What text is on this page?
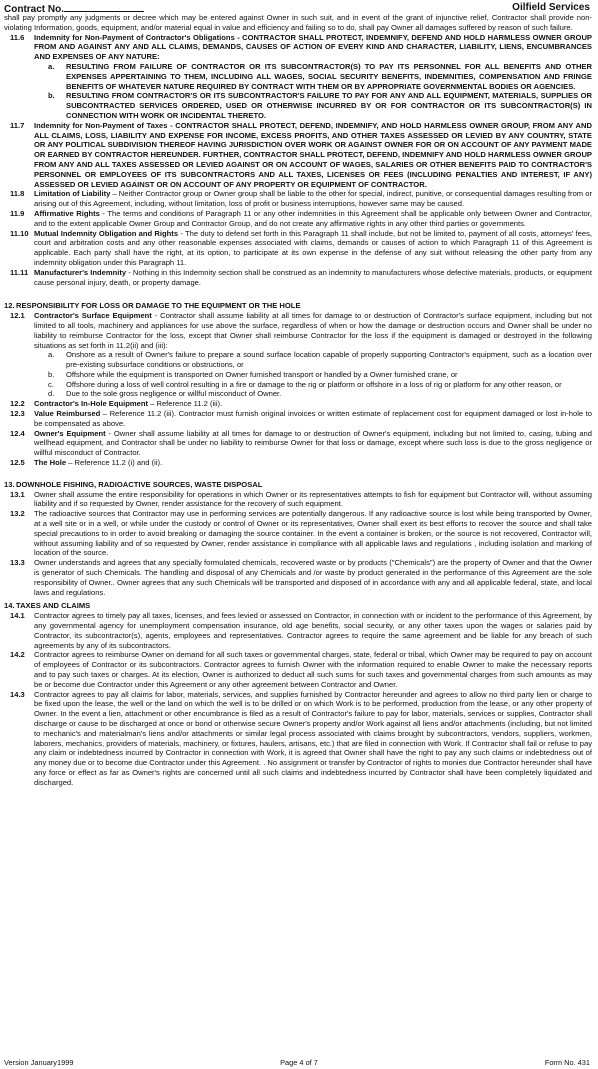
Contract No.	Oilfield Services

shall pay promptly any judgments or decree which may be entered against Owner in such suit, and in event of the grant of injunctive relief, Contractor shall provide non-violating Information, goods, equipment, and/or material equal in value and efficiency and failing so to do, shall pay Owner all damages suffered by reason of such failure.

11.6	Indemnity for Non-Payment of Contractor's Obligations - CONTRACTOR SHALL PROTECT, INDEMNIFY, DEFEND AND HOLD HARMLESS OWNER GROUP FROM AND AGAINST ANY AND ALL CLAIMS, DEMANDS, CAUSES OF ACTION OF EVERY KIND AND CHARACTER, LIABILITY, LIENS, ENCUMBRANCES AND EXPENSES OF ANY NATURE:
a.	RESULTING FROM FAILURE OF CONTRACTOR OR ITS SUBCONTRACTOR(S) TO PAY ITS PERSONNEL FOR ALL BENEFITS AND OTHER EXPENSES APPERTAINING TO THEM, INCLUDING ALL WAGES, SOCIAL SECURITY BENEFITS, INDEMNITIES, COMPENSATION AND FRINGE BENEFITS OF WHATEVER NATURE REQUIRED BY CONTRACT WITH THEM OR BY APPROPRIATE GOVERNMENTAL BODIES OR AGENCIES.
b.	RESULTING FROM CONTRACTOR'S OR ITS SUBCONTRACTOR'S FAILURE TO PAY FOR ANY AND ALL EQUIPMENT, MATERIALS, SUPPLIES OR SUBCONTRACTED SERVICES ORDERED, USED OR OTHERWISE INCURRED BY OR FOR CONTRACTOR OR ITS SUBCONTRACTOR(S) IN CONNECTION WITH WORK OR INCIDENTAL THERETO.
11.7	Indemnity for Non-Payment of Taxes - CONTRACTOR SHALL PROTECT, DEFEND, INDEMNIFY, AND HOLD HARMLESS OWNER GROUP, FROM ANY AND ALL CLAIMS, LOSS, LIABILITY AND EXPENSE FOR INCOME, EXCESS PROFITS, AND OTHER TAXES ASSESSED OR LEVIED BY ANY COUNTRY, STATE OR ANY POLITICAL SUBDIVISION THEREOF HAVING JURISDICTION OVER WORK OR AGAINST OWNER FOR OR ON ACCOUNT OF ANY PAYMENT MADE OR EARNED BY CONTRACTOR HEREUNDER. FURTHER, CONTRACTOR SHALL PROTECT, DEFEND, INDEMNIFY AND HOLD HARMLESS OWNER GROUP FROM ANY AND ALL TAXES ASSESSED OR LEVIED AGAINST OR ON ACCOUNT OF WAGES, SALARIES OR OTHER BENEFITS PAID TO CONTRACTOR'S PERSONNEL OR EMPLOYEES OF ITS SUBCONTRACTORS AND ALL TAXES, LICENSES OR FEES (INCLUDING PENALTIES AND INTEREST, IF ANY) ASSESSED OR LEVIED AGAINST OR ON ACCOUNT OF ANY PROPERTY OR EQUIPMENT OF CONTRACTOR.
11.8	Limitation of Liability – Neither Contractor group or Owner group shall be liable to the other for special, indirect, punitive, or consequential damages resulting from or arising out of this Agreement, including, without limitation, loss of profit or business interruptions, however same may be caused.
11.9	Affirmative Rights - The terms and conditions of Paragraph 11 or any other indemnities in this Agreement shall be applicable only between Owner and Contractor, and to the extent applicable Owner Group and Contractor Group, and do not create any affirmative rights in any other third parties or governments.
11.10 Mutual Indemnity Obligation and Rights - The duty to defend set forth in this Paragraph 11 shall include, but not be limited to, payment of all costs, attorneys' fees, court and arbitration costs and any other reasonable expenses associated with claims, demands or causes of action to which Paragraph 11 of this Agreement is applicable. Each party shall have the right, at its option, to participate at its own expense in the defense of any suit without releasing the other party from any indemnity obligation under this Paragraph 11.
11.11 Manufacturer's Indemnity - Nothing in this Indemnity section shall be construed as an indemnity to manufacturers whose defective materials, products, or equipment cause personal injury, death, or property damage.
12. RESPONSIBILITY FOR LOSS OR DAMAGE TO THE EQUIPMENT OR THE HOLE
12.1	Contractor's Surface Equipment - Contractor shall assume liability at all times for damage to or destruction of Contractor's surface equipment, including but not limited to all tools, machinery and appliances for use above the surface, regardless of when or how the damage or destruction occurs and Owner shall be under no liability to reimburse Contractor for the loss, except that Owner shall reimburse Contractor for the loss if the equipment is damaged or destroyed in the following situations as set forth in 11.2(ii) and (iii):
a.	Onshore as a result of Owner's failure to prepare a sound surface location capable of properly supporting Contractor's equipment, such as a location over pre-existing subsurface conditions or obstructions, or
b.	Offshore while the equipment is transported on Owner furnished transport or handled by a Owner furnished crane, or
c.	Offshore during a loss of well control resulting in a fire or damage to the rig or platform or offshore in a loss of rig or platform for any other reason, or
d.	Due to the sole gross negligence or willful misconduct of Owner.
12.2	Contractor's In-Hole Equipment – Reference 11.2 (iii).
12.3	Value Reimbursed – Reference 11.2 (iii). Contractor must furnish original invoices or written estimate of replacement cost for equipment damaged or lost in-hole to be compensated as above.
12.4	Owner's Equipment - Owner shall assume liability at all times for damage to or destruction of Owner's equipment, including but not limited to, casing, tubing and wellhead equipment, and Contractor shall be under no liability to reimburse Owner for that loss or damage, except where such loss is due to the gross negligence or willful misconduct of Contractor.
12.5	The Hole – Reference 11.2 (i) and (ii).
13. DOWNHOLE FISHING, RADIOACTIVE SOURCES, WASTE DISPOSAL
13.1	Owner shall assume the entire responsibility for operations in which Owner or its representatives attempts to fish for equipment but Contractor will, without assuming liability and if so requested by Owner, render assistance for the recovery of such equipment.
13.2	The radioactive sources that Contractor may use in performing services are potentially dangerous. If any radioactive source is lost while being transported by Owner, at a well site or in a well, or while under the custody or control of Owner or its representatives, Owner shall exert its best efforts to recover the source and shall take special precautions to in order to avoid breaking or damaging the source container. In the event a container is broken, or the source is not recovered, Contractor will, without assuming liability and of so requested by Owner, render assistance in compliance with all applicable laws and regulations , including isolation and marking of location of the source.
13.3	Owner understands and agrees that any specially formulated chemicals, recovered waste or by products ("Chemicals") are the property of Owner and that the Owner is generator of such Chemicals. The handling and disposal of any Chemicals and /or waste by product generated in the performance of this Agreement are the sole responsibility of Owner.. Owner agrees that any such Chemicals will be transported and disposed of in accordance with any and all applicable federal, state, and local laws and regulations.
14. TAXES AND CLAIMS
14.1	Contractor agrees to timely pay all taxes, licenses, and fees levied or assessed on Contractor, in connection with or incident to the performance of this Agreement, by any governmental agency for unemployment compensation insurance, old age benefits, social security, or any other taxes upon the wages or salaries paid by Contractor, its subcontractor(s), agents, employees and representatives. Contractor agrees to require the same agreement and be liable for any breach of such agreements by any of its subcontractors.
14.2	Contractor agrees to reimburse Owner on demand for all such taxes or governmental charges, state, federal or tribal, which Owner may be required to pay on account of employees of Contractor or its subcontractors. Contractor agrees to furnish Owner with the information required to enable Owner to make the necessary reports and to pay such taxes or charges. At its election, Owner is authorized to deduct all such sums for such taxes and governmental charges from such amounts as may be or become due Contractor under this Agreement or any other agreement between Contractor and Owner.
14.3	Contractor agrees to pay all claims for labor, materials, services, and supplies furnished by Contractor hereunder and agrees to allow no third party lien or charge to be fixed upon the lease, the well or the land on which the well is to be drilled or on which Work is to be performed, production from the lease, or any other property of Owner. In the event a lien, attachment or other encumbrance is filed as a result of Contractor's failure to pay for labor, materials, services or supplies, Contractor shall discharge or cause to be discharged at once or bond or otherwise secure Owner's property and/or Work against all liens and/or attachments (including, but not limited to mechanic's and materialman's liens and/or attachments or similar legal process associated with claims brought by subcontractors, vendors, suppliers, workmen, laborers, mechanics, providers of materials, machinery, or fixtures, haulers, artisans, etc.) that are filed in connection with Work. If Contractor shall fail or refuse to pay any claim or indebtedness incurred by Contractor in connection with Work, it is agreed that Owner shall have the right to pay any such claims or indebtedness out of any money due or to become due Contractor under this Agreement. . No assignment or transfer by Contractor of rights to monies due Contractor hereunder shall have any force or effect as far as Owner's rights are concerned until all such claims and indebtedness incurred by Contractor shall have been completely liquidated and discharged.
Version January1999	Page 4 of 7	Form No. 431
